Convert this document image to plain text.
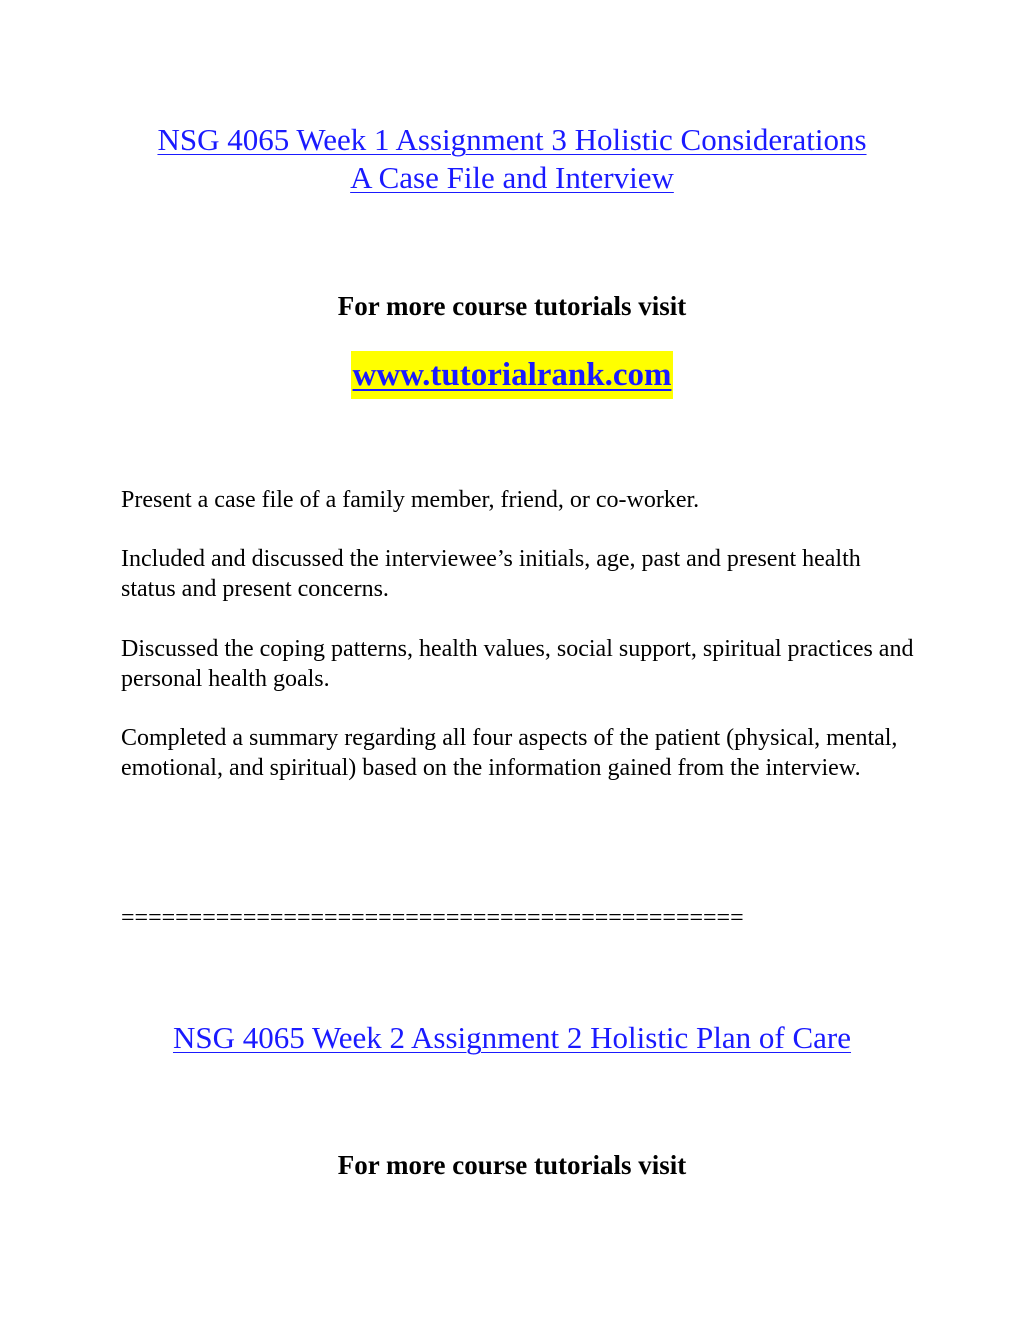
NSG 4065 Week 1 Assignment 3 Holistic Considerations
A Case File and Interview
For more course tutorials visit
www.tutorialrank.com

Present a case file of a family member, friend, or co-worker.

Included and discussed the interviewee’s initials, age, past and present health status and present concerns.

Discussed the coping patterns, health values, social support, spiritual practices and personal health goals.

Completed a summary regarding all four aspects of the patient (physical, mental, emotional, and spiritual) based on the information gained from the interview.

==============================================
NSG 4065 Week 2 Assignment 2 Holistic Plan of Care
For more course tutorials visit
